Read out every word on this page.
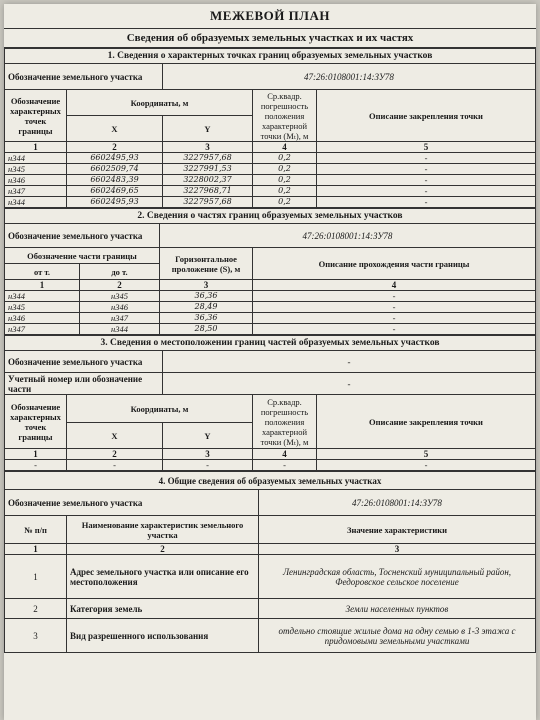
МЕЖЕВОЙ ПЛАН
Сведения об образуемых земельных участках и их частях
1. Сведения о характерных точках границ образуемых земельных участков				
Обозначение земельного участка		47:26:0108001:14:ЗУ78		
Обозначение характерных точек границы	Координаты, м		Ср.квадр. погрешность положения характерной точки (Мₜ), м	Описание закрепления точки
	X	Y		
1	2	3	4	5
н344	6602495,93	3227957,68	0,2	-
н345	6602509,74	3227991,53	0,2	-
н346	6602483,39	3228002,37	0,2	-
н347	6602469,65	3227968,71	0,2	-
н344	6602495,93	3227957,68	0,2	-
2. Сведения о частях границ образуемых земельных участков			
Обозначение земельного участка		47:26:0108001:14:ЗУ78	
Обозначение части границы		Горизонтальное проложение (S), м	Описание прохождения части границы
от т.	до т.		
1	2	3	4
н344	н345	36,36	-
н345	н346	28,49	-
н346	н347	36,36	-
н347	н344	28,50	-
3. Сведения о местоположении границ частей образуемых земельных участков				
Обозначение земельного участка		-		
Учетный номер или обозначение части		-		
Обозначение характерных точек границы	Координаты, м		Ср.квадр. погрешность положения характерной точки (Мₜ), м	Описание закрепления точки
	X	Y		
1	2	3	4	5
-	-	-	-	-
4. Общие сведения об образуемых земельных участках		
Обозначение земельного участка		47:26:0108001:14:ЗУ78
№ п/п	Наименование характеристик земельного участка	Значение характеристики
1	2	3
1	Адрес земельного участка или описание его местоположения	Ленинградская область, Тосненский муниципальный район, Федоровское сельское поселение
2	Категория земель	Земли населенных пунктов
3	Вид разрешенного использования	отдельно стоящие жилые дома на одну семью в 1-3 этажа с придомовыми земельными участками
